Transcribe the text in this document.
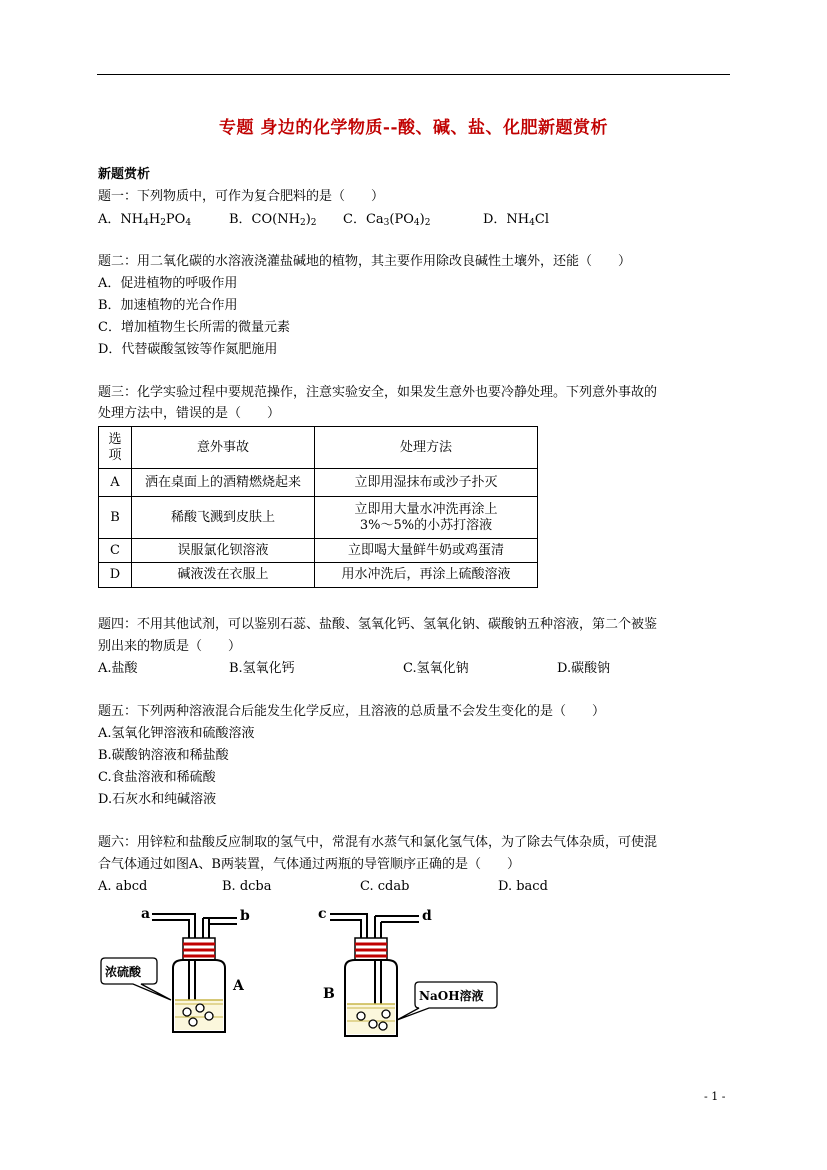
专题 身边的化学物质--酸、碱、盐、化肥新题赏析
新题赏析
题一：下列物质中，可作为复合肥料的是（　　）
A．$NH_4H_2PO_4$	B．$CO(NH_2)_2$ C．$Ca_3(PO_4)_2$	D．$NH_4Cl$
题二：用二氧化碳的水溶液浇灌盐碱地的植物，其主要作用除改良碱性土壤外，还能（　　）
A．促进植物的呼吸作用
B．加速植物的光合作用
C．增加植物生长所需的微量元素
D．代替碳酸氢铵等作氮肥施用
题三：化学实验过程中要规范操作，注意实验安全，如果发生意外也要冷静处理。下列意外事故的
处理方法中，错误的是（　　）
选
项	意外事故	处理方法
A	洒在桌面上的酒精燃烧起来	立即用湿抹布或沙子扑灭
B	稀酸飞溅到皮肤上	立即用大量水冲洗再涂上
3%～5%的小苏打溶液
C	误服氯化钡溶液	立即喝大量鲜牛奶或鸡蛋清
D	碱液泼在衣服上	用水冲洗后，再涂上硫酸溶液
题四：不用其他试剂，可以鉴别石蕊、盐酸、氢氧化钙、氢氧化钠、碳酸钠五种溶液，第二个被鉴
别出来的物质是（　　）
A.盐酸	B.氢氧化钙	C.氢氧化钠	D.碳酸钠
题五：下列两种溶液混合后能发生化学反应，且溶液的总质量不会发生变化的是（　　）
A.氢氧化钾溶液和硫酸溶液
B.碳酸钠溶液和稀盐酸
C.食盐溶液和稀硫酸
D.石灰水和纯碱溶液
题六：用锌粒和盐酸反应制取的氢气中，常混有水蒸气和氯化氢气体，为了除去气体杂质，可使混
合气体通过如图A、B两装置，气体通过两瓶的导管顺序正确的是（　　）
A. abcd	B. dcba	C. cdab	D. bacd
a	b
A
浓硫酸
c	d
B	NaOH溶液
- 1 -
